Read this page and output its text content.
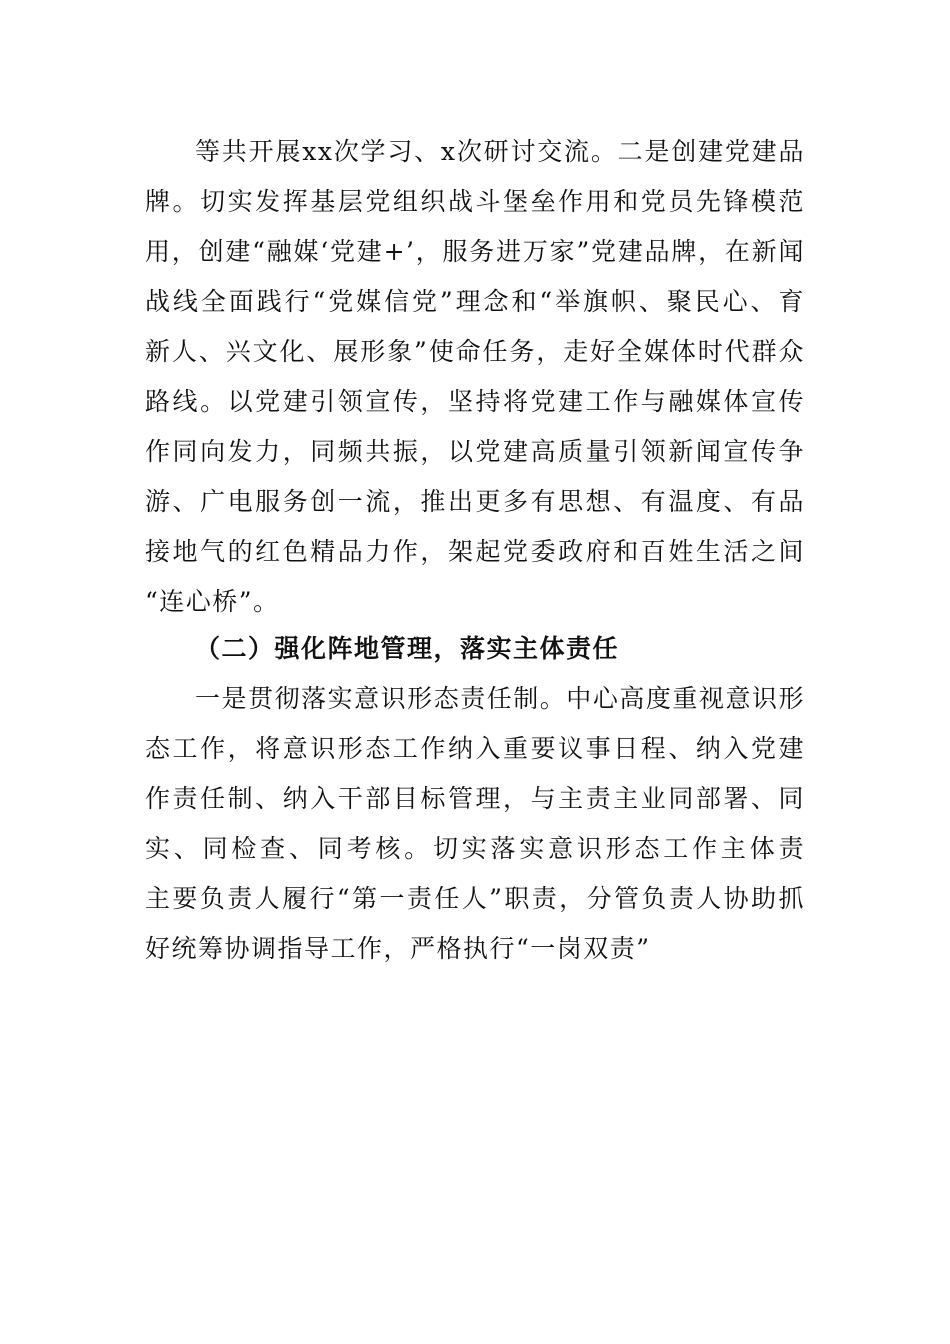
等共开展xx次学习、x次研讨交流。二是创建党建品
牌。切实发挥基层党组织战斗堡垒作用和党员先锋模范
用，创建“融媒‘党建+’，服务进万家”党建品牌，在新闻
战线全面践行“党媒信党”理念和“举旗帜、聚民心、育
新人、兴文化、展形象”使命任务，走好全媒体时代群众
路线。以党建引领宣传，坚持将党建工作与融媒体宣传
作同向发力，同频共振，以党建高质量引领新闻宣传争
游、广电服务创一流，推出更多有思想、有温度、有品
接地气的红色精品力作，架起党委政府和百姓生活之间
“连心桥”。
（二）强化阵地管理，落实主体责任
一是贯彻落实意识形态责任制。中心高度重视意识形
态工作，将意识形态工作纳入重要议事日程、纳入党建
作责任制、纳入干部目标管理，与主责主业同部署、同
实、同检查、同考核。切实落实意识形态工作主体责
主要负责人履行“第一责任人”职责，分管负责人协助抓
好统筹协调指导工作，严格执行“一岗双责”
